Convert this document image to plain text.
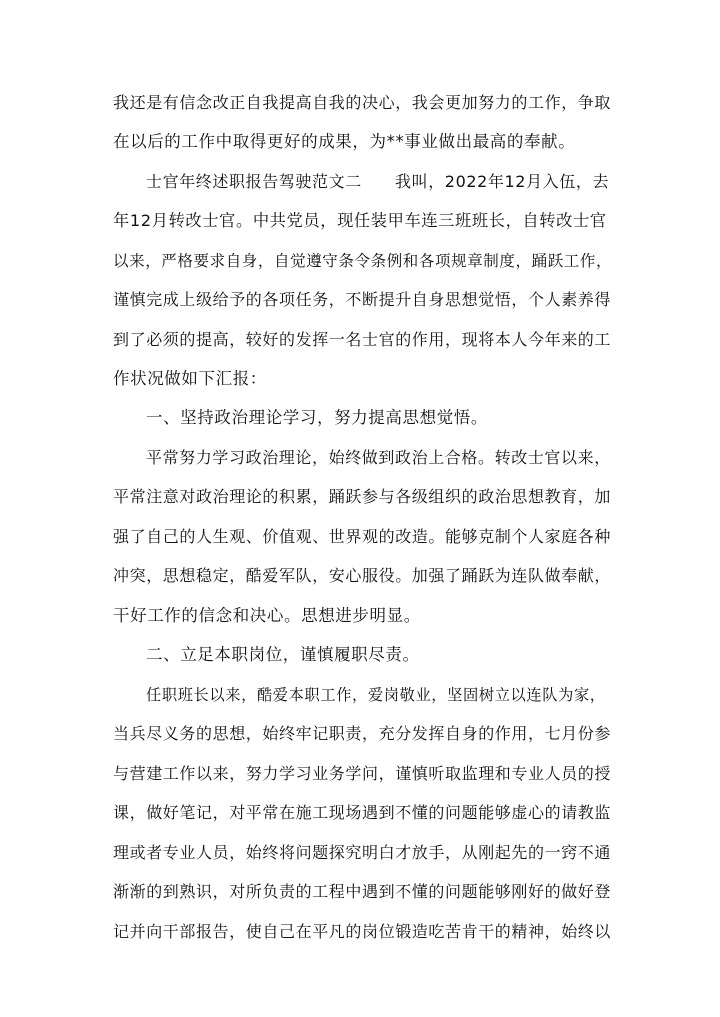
我还是有信念改正自我提高自我的决心，我会更加努力的工作，争取
在以后的工作中取得更好的成果，为**事业做出最高的奉献。
士官年终述职报告驾驶范文二　　我叫，2022年12月入伍，去
年12月转改士官。中共党员，现任装甲车连三班班长，自转改士官
以来，严格要求自身，自觉遵守条令条例和各项规章制度，踊跃工作，
谨慎完成上级给予的各项任务，不断提升自身思想觉悟，个人素养得
到了必须的提高，较好的发挥一名士官的作用，现将本人今年来的工
作状况做如下汇报：
一、坚持政治理论学习，努力提高思想觉悟。
平常努力学习政治理论，始终做到政治上合格。转改士官以来，
平常注意对政治理论的积累，踊跃参与各级组织的政治思想教育，加
强了自己的人生观、价值观、世界观的改造。能够克制个人家庭各种
冲突，思想稳定，酷爱军队，安心服役。加强了踊跃为连队做奉献，
干好工作的信念和决心。思想进步明显。
二、立足本职岗位，谨慎履职尽责。
任职班长以来，酷爱本职工作，爱岗敬业，坚固树立以连队为家，
当兵尽义务的思想，始终牢记职责，充分发挥自身的作用，七月份参
与营建工作以来，努力学习业务学问，谨慎听取监理和专业人员的授
课，做好笔记，对平常在施工现场遇到不懂的问题能够虚心的请教监
理或者专业人员，始终将问题探究明白才放手，从刚起先的一窍不通
渐渐的到熟识，对所负责的工程中遇到不懂的问题能够刚好的做好登
记并向干部报告，使自己在平凡的岗位锻造吃苦肯干的精神，始终以
